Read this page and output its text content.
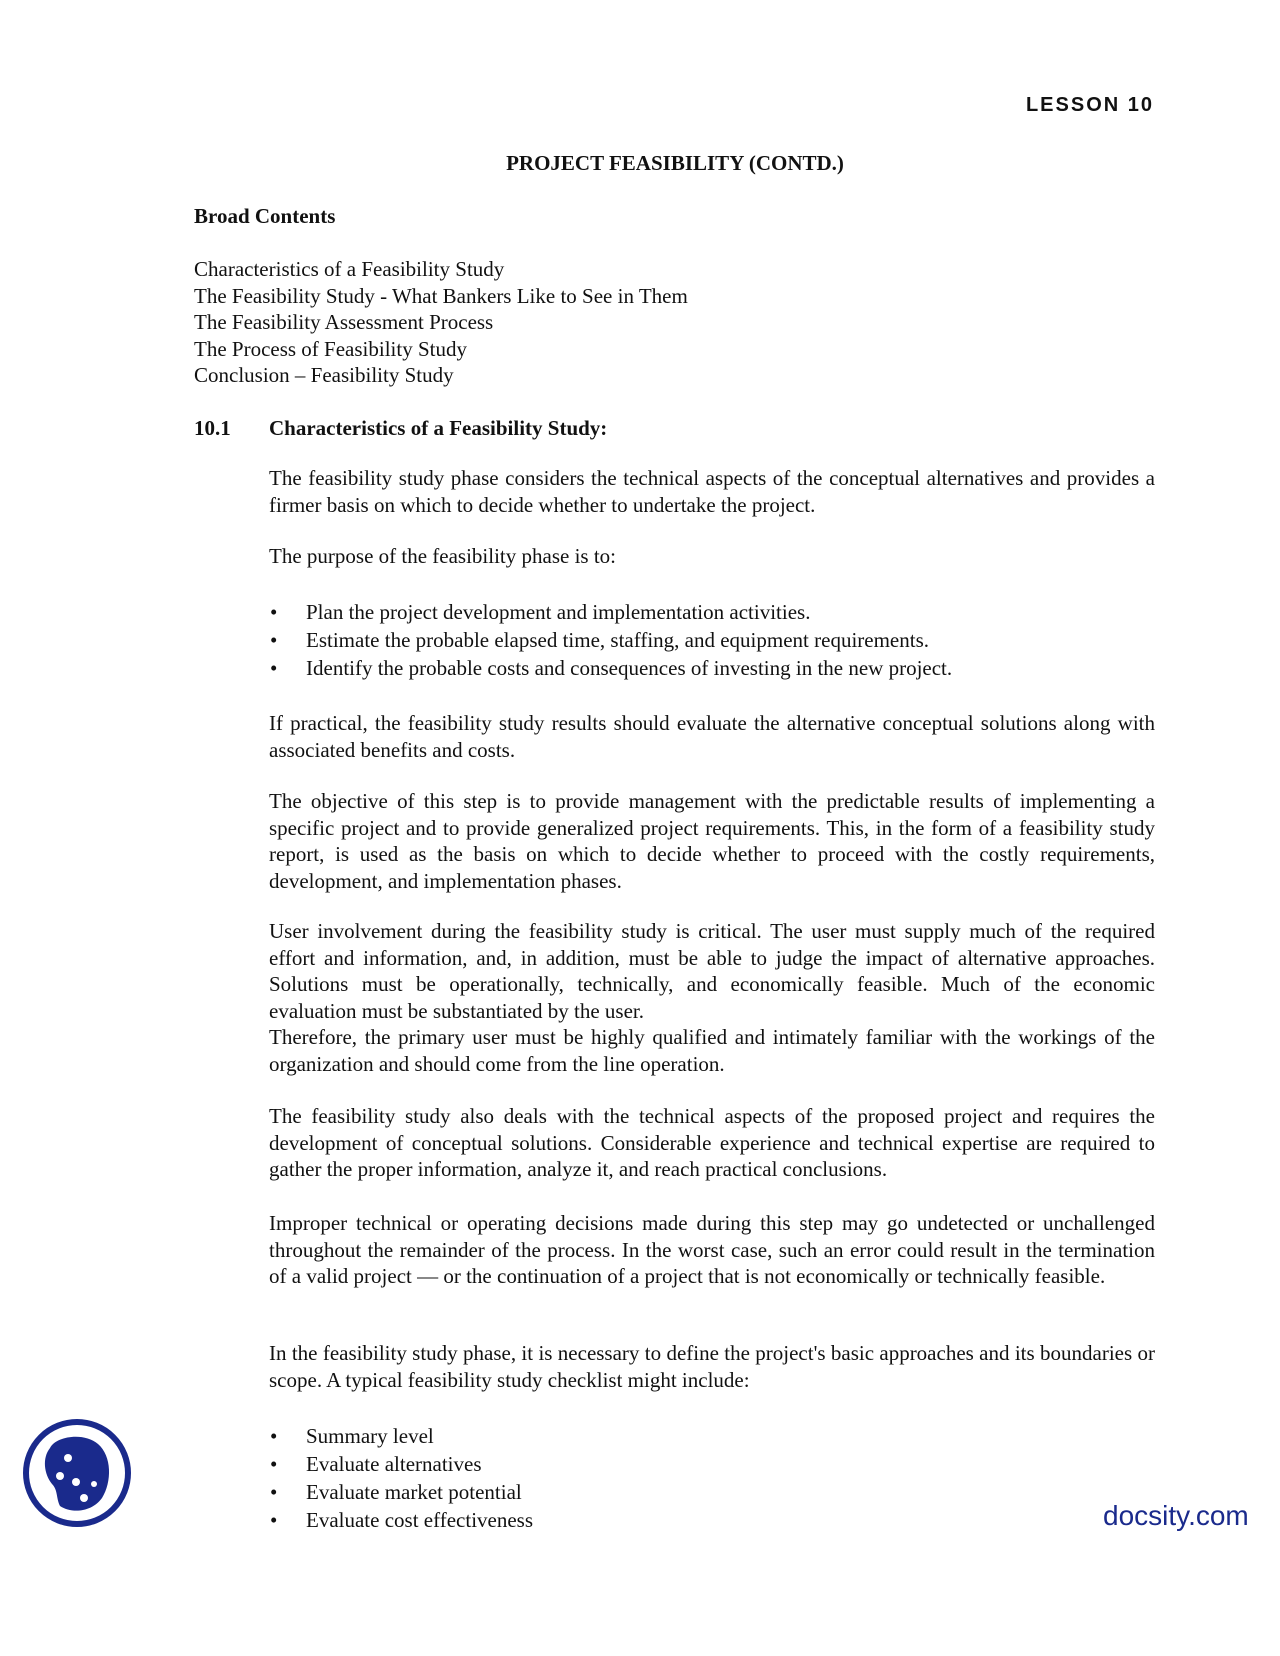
LESSON 10
PROJECT FEASIBILITY (CONTD.)
Broad Contents
Characteristics of a Feasibility Study
The Feasibility Study - What Bankers Like to See in Them
The Feasibility Assessment Process
The Process of Feasibility Study
Conclusion – Feasibility Study
10.1 Characteristics of a Feasibility Study:

The feasibility study phase considers the technical aspects of the conceptual alternatives and provides a firmer basis on which to decide whether to undertake the project.

The purpose of the feasibility phase is to:

• Plan the project development and implementation activities.
• Estimate the probable elapsed time, staffing, and equipment requirements.
• Identify the probable costs and consequences of investing in the new project.

If practical, the feasibility study results should evaluate the alternative conceptual solutions along with associated benefits and costs.

The objective of this step is to provide management with the predictable results of implementing a specific project and to provide generalized project requirements. This, in the form of a feasibility study report, is used as the basis on which to decide whether to proceed with the costly requirements, development, and implementation phases.

User involvement during the feasibility study is critical. The user must supply much of the required effort and information, and, in addition, must be able to judge the impact of alternative approaches. Solutions must be operationally, technically, and economically feasible. Much of the economic evaluation must be substantiated by the user.

Therefore, the primary user must be highly qualified and intimately familiar with the workings of the organization and should come from the line operation.

The feasibility study also deals with the technical aspects of the proposed project and requires the development of conceptual solutions. Considerable experience and technical expertise are required to gather the proper information, analyze it, and reach practical conclusions.

Improper technical or operating decisions made during this step may go undetected or unchallenged throughout the remainder of the process. In the worst case, such an error could result in the termination of a valid project — or the continuation of a project that is not economically or technically feasible.

In the feasibility study phase, it is necessary to define the project's basic approaches and its boundaries or scope. A typical feasibility study checklist might include:

• Summary level
• Evaluate alternatives
• Evaluate market potential
• Evaluate cost effectiveness	docsity.com
